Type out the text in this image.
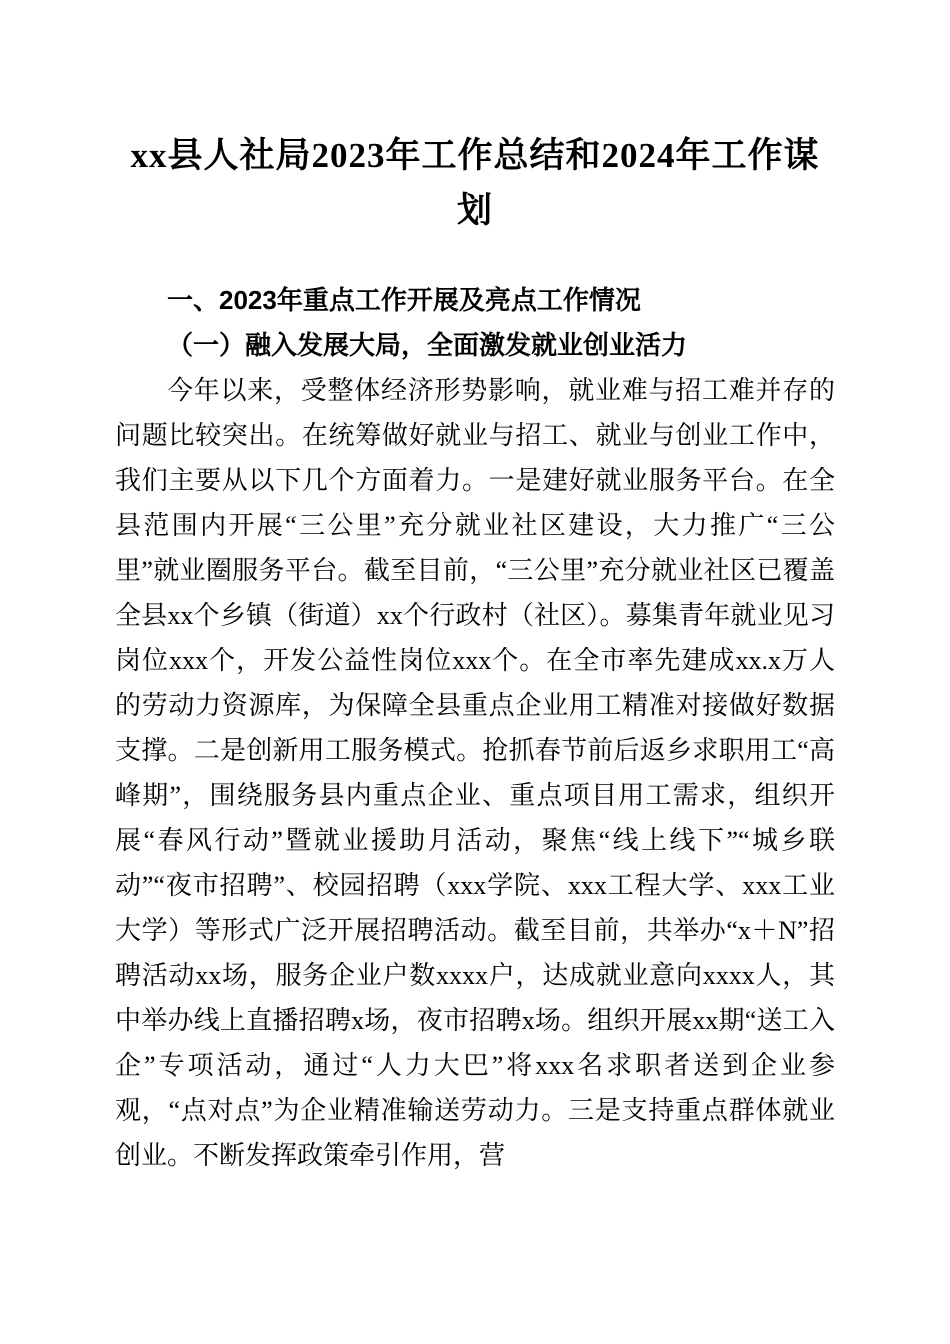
xx县人社局2023年工作总结和2024年工作谋划
一、2023年重点工作开展及亮点工作情况
（一）融入发展大局，全面激发就业创业活力

今年以来，受整体经济形势影响，就业难与招工难并存的问题比较突出。在统筹做好就业与招工、就业与创业工作中，我们主要从以下几个方面着力。一是建好就业服务平台。在全县范围内开展“三公里”充分就业社区建设，大力推广“三公里”就业圈服务平台。截至目前，“三公里”充分就业社区已覆盖全县xx个乡镇（街道）xx个行政村（社区）。募集青年就业见习岗位xxx个，开发公益性岗位xxx个。在全市率先建成xx.x万人的劳动力资源库，为保障全县重点企业用工精准对接做好数据支撑。二是创新用工服务模式。抢抓春节前后返乡求职用工“高峰期”，围绕服务县内重点企业、重点项目用工需求，组织开展“春风行动”暨就业援助月活动，聚焦“线上线下”“城乡联动”“夜市招聘”、校园招聘（xxx学院、xxx工程大学、xxx工业大学）等形式广泛开展招聘活动。截至目前，共举办“x＋N”招聘活动xx场，服务企业户数xxxx户，达成就业意向xxxx人，其中举办线上直播招聘x场，夜市招聘x场。组织开展xx期“送工入企”专项活动，通过“人力大巴”将xxx名求职者送到企业参观，“点对点”为企业精准输送劳动力。三是支持重点群体就业创业。不断发挥政策牵引作用，营
